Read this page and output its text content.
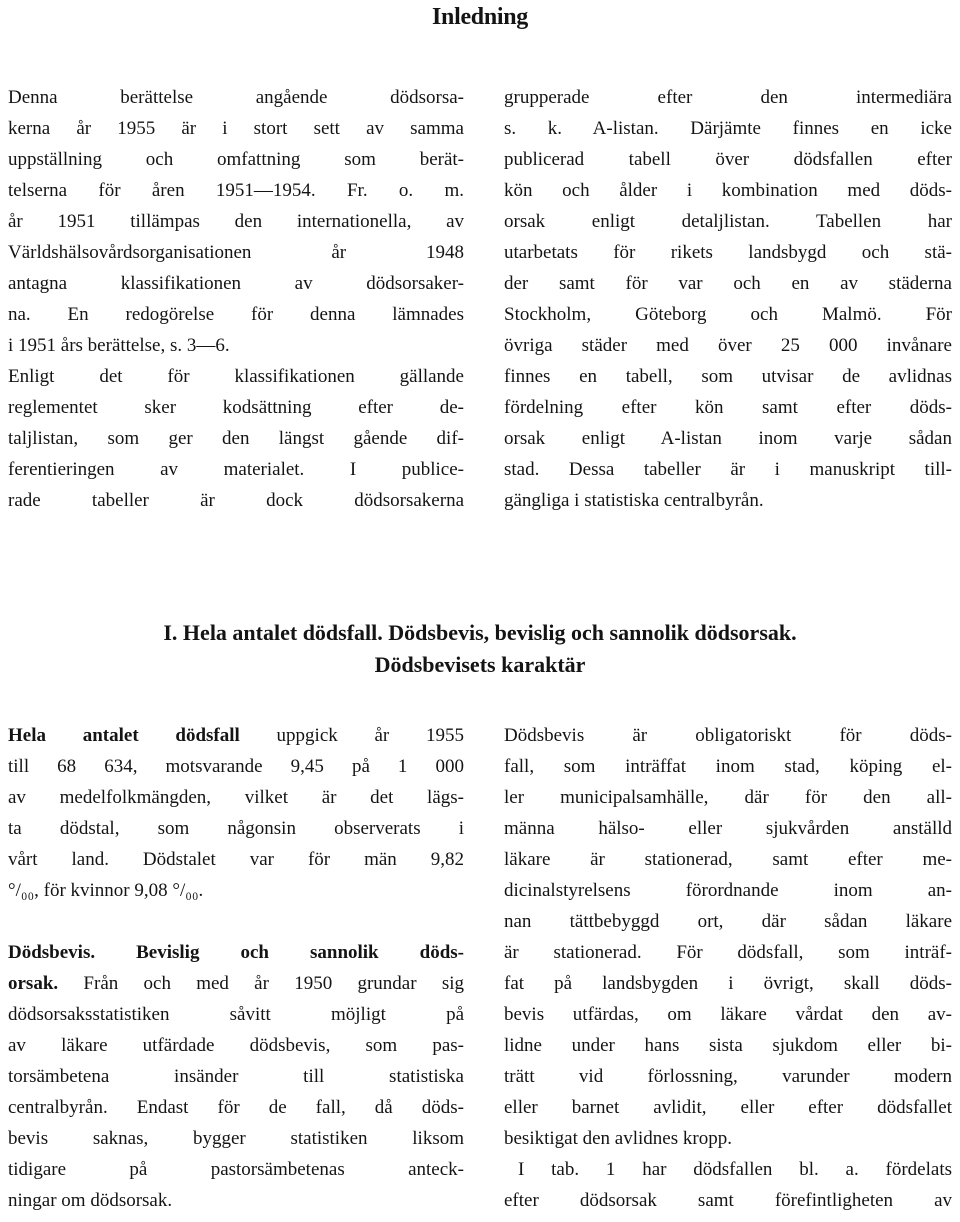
Inledning
Denna berättelse angående dödsorsa-
kerna år 1955 är i stort sett av samma
uppställning och omfattning som berät-
telserna för åren 1951—1954. Fr. o. m.
år 1951 tillämpas den internationella, av
Världshälsovårdsorganisationen år 1948
antagna klassifikationen av dödsorsaker-
na. En redogörelse för denna lämnades
i 1951 års berättelse, s. 3—6.
Enligt det för klassifikationen gällande
reglementet sker kodsättning efter de-
taljlistan, som ger den längst gående dif-
ferentieringen av materialet. I publice-
rade tabeller är dock dödsorsakerna
grupperade efter den intermediära
s. k. A-listan. Därjämte finnes en icke
publicerad tabell över dödsfallen efter
kön och ålder i kombination med döds-
orsak enligt detaljlistan. Tabellen har
utarbetats för rikets landsbygd och stä-
der samt för var och en av städerna
Stockholm, Göteborg och Malmö. För
övriga städer med över 25 000 invånare
finnes en tabell, som utvisar de avlidnas
fördelning efter kön samt efter döds-
orsak enligt A-listan inom varje sådan
stad. Dessa tabeller är i manuskript till-
gängliga i statistiska centralbyrån.
I. Hela antalet dödsfall. Dödsbevis, bevislig och sannolik dödsorsak.
Dödsbevisets karaktär
Hela antalet dödsfall uppgick år 1955
till 68 634, motsvarande 9,45 på 1 000
av medelfolkmängden, vilket är det lägs-
ta dödstal, som någonsin observerats i
vårt land. Dödstalet var för män 9,82
°/₀₀, för kvinnor 9,08 °/₀₀.

Dödsbevis. Bevislig och sannolik döds-
orsak. Från och med år 1950 grundar sig
dödsorsaksstatistiken såvitt möjligt på
av läkare utfärdade dödsbevis, som pas-
torsämbetena insänder till statistiska
centralbyrån. Endast för de fall, då döds-
bevis saknas, bygger statistiken liksom
tidigare på pastorsämbetenas anteck-
ningar om dödsorsak.
Dödsbevis är obligatoriskt för döds-
fall, som inträffat inom stad, köping el-
ler municipalsamhälle, där för den all-
männa hälso- eller sjukvården anställd
läkare är stationerad, samt efter me-
dicinalstyrelsens förordnande inom an-
nan tättbebyggd ort, där sådan läkare
är stationerad. För dödsfall, som inträf-
fat på landsbygden i övrigt, skall döds-
bevis utfärdas, om läkare vårdat den av-
lidne under hans sista sjukdom eller bi-
trätt vid förlossning, varunder modern
eller barnet avlidit, eller efter dödsfallet
besiktigat den avlidnes kropp.
I tab. 1 har dödsfallen bl. a. fördelats
efter dödsorsak samt förefintligheten av
